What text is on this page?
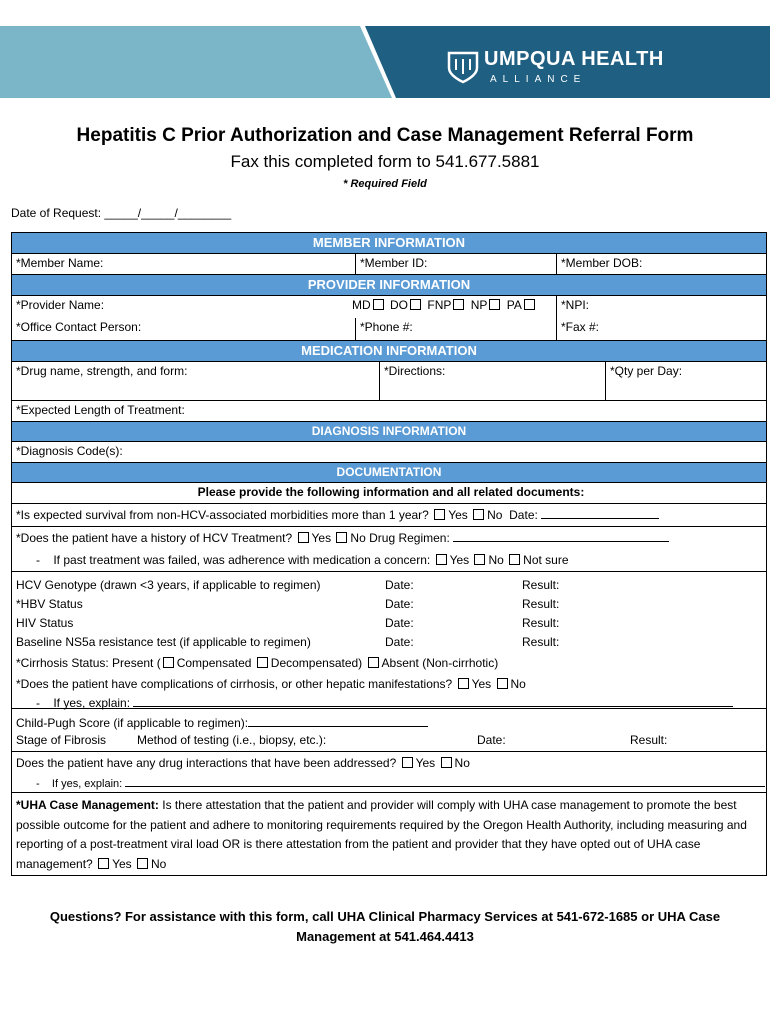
UMPQUA HEALTH
ALLIANCE
Hepatitis C Prior Authorization and Case Management Referral Form
Fax this completed form to 541.677.5881
* Required Field
Date of Request: _____/_____/________
MEMBER INFORMATION
*Member Name:	*Member ID:	*Member DOB:
PROVIDER INFORMATION
*Provider Name:	MD DO FNP NP PA	*NPI:
*Office Contact Person:	*Phone #:	*Fax #:
MEDICATION INFORMATION
*Drug name, strength, and form:	*Directions:	*Qty per Day:
*Expected Length of Treatment:
DIAGNOSIS INFORMATION
*Diagnosis Code(s):
DOCUMENTATION
Please provide the following information and all related documents:
*Is expected survival from non-HCV-associated morbidities more than 1 year? Yes No Date:
*Does the patient have a history of HCV Treatment? Yes No Drug Regimen:
- If past treatment was failed, was adherence with medication a concern: Yes No Not sure
HCV Genotype (drawn <3 years, if applicable to regimen)	Date:	Result:
*HBV Status	Date:	Result:
HIV Status	Date:	Result:
Baseline NS5a resistance test (if applicable to regimen)	Date:	Result:
*Cirrhosis Status: Present ( Compensated Decompensated) Absent (Non-cirrhotic)
*Does the patient have complications of cirrhosis, or other hepatic manifestations? Yes No
- If yes, explain:
Child-Pugh Score (if applicable to regimen):
Stage of Fibrosis	Method of testing (i.e., biopsy, etc.):	Date:	Result:
Does the patient have any drug interactions that have been addressed? Yes No
- If yes, explain:
*UHA Case Management: Is there attestation that the patient and provider will comply with UHA case management to promote the best possible outcome for the patient and adhere to monitoring requirements required by the Oregon Health Authority, including measuring and reporting of a post-treatment viral load OR is there attestation from the patient and provider that they have opted out of UHA case management? Yes No
Questions? For assistance with this form, call UHA Clinical Pharmacy Services at 541-672-1685 or UHA Case
Management at 541.464.4413
